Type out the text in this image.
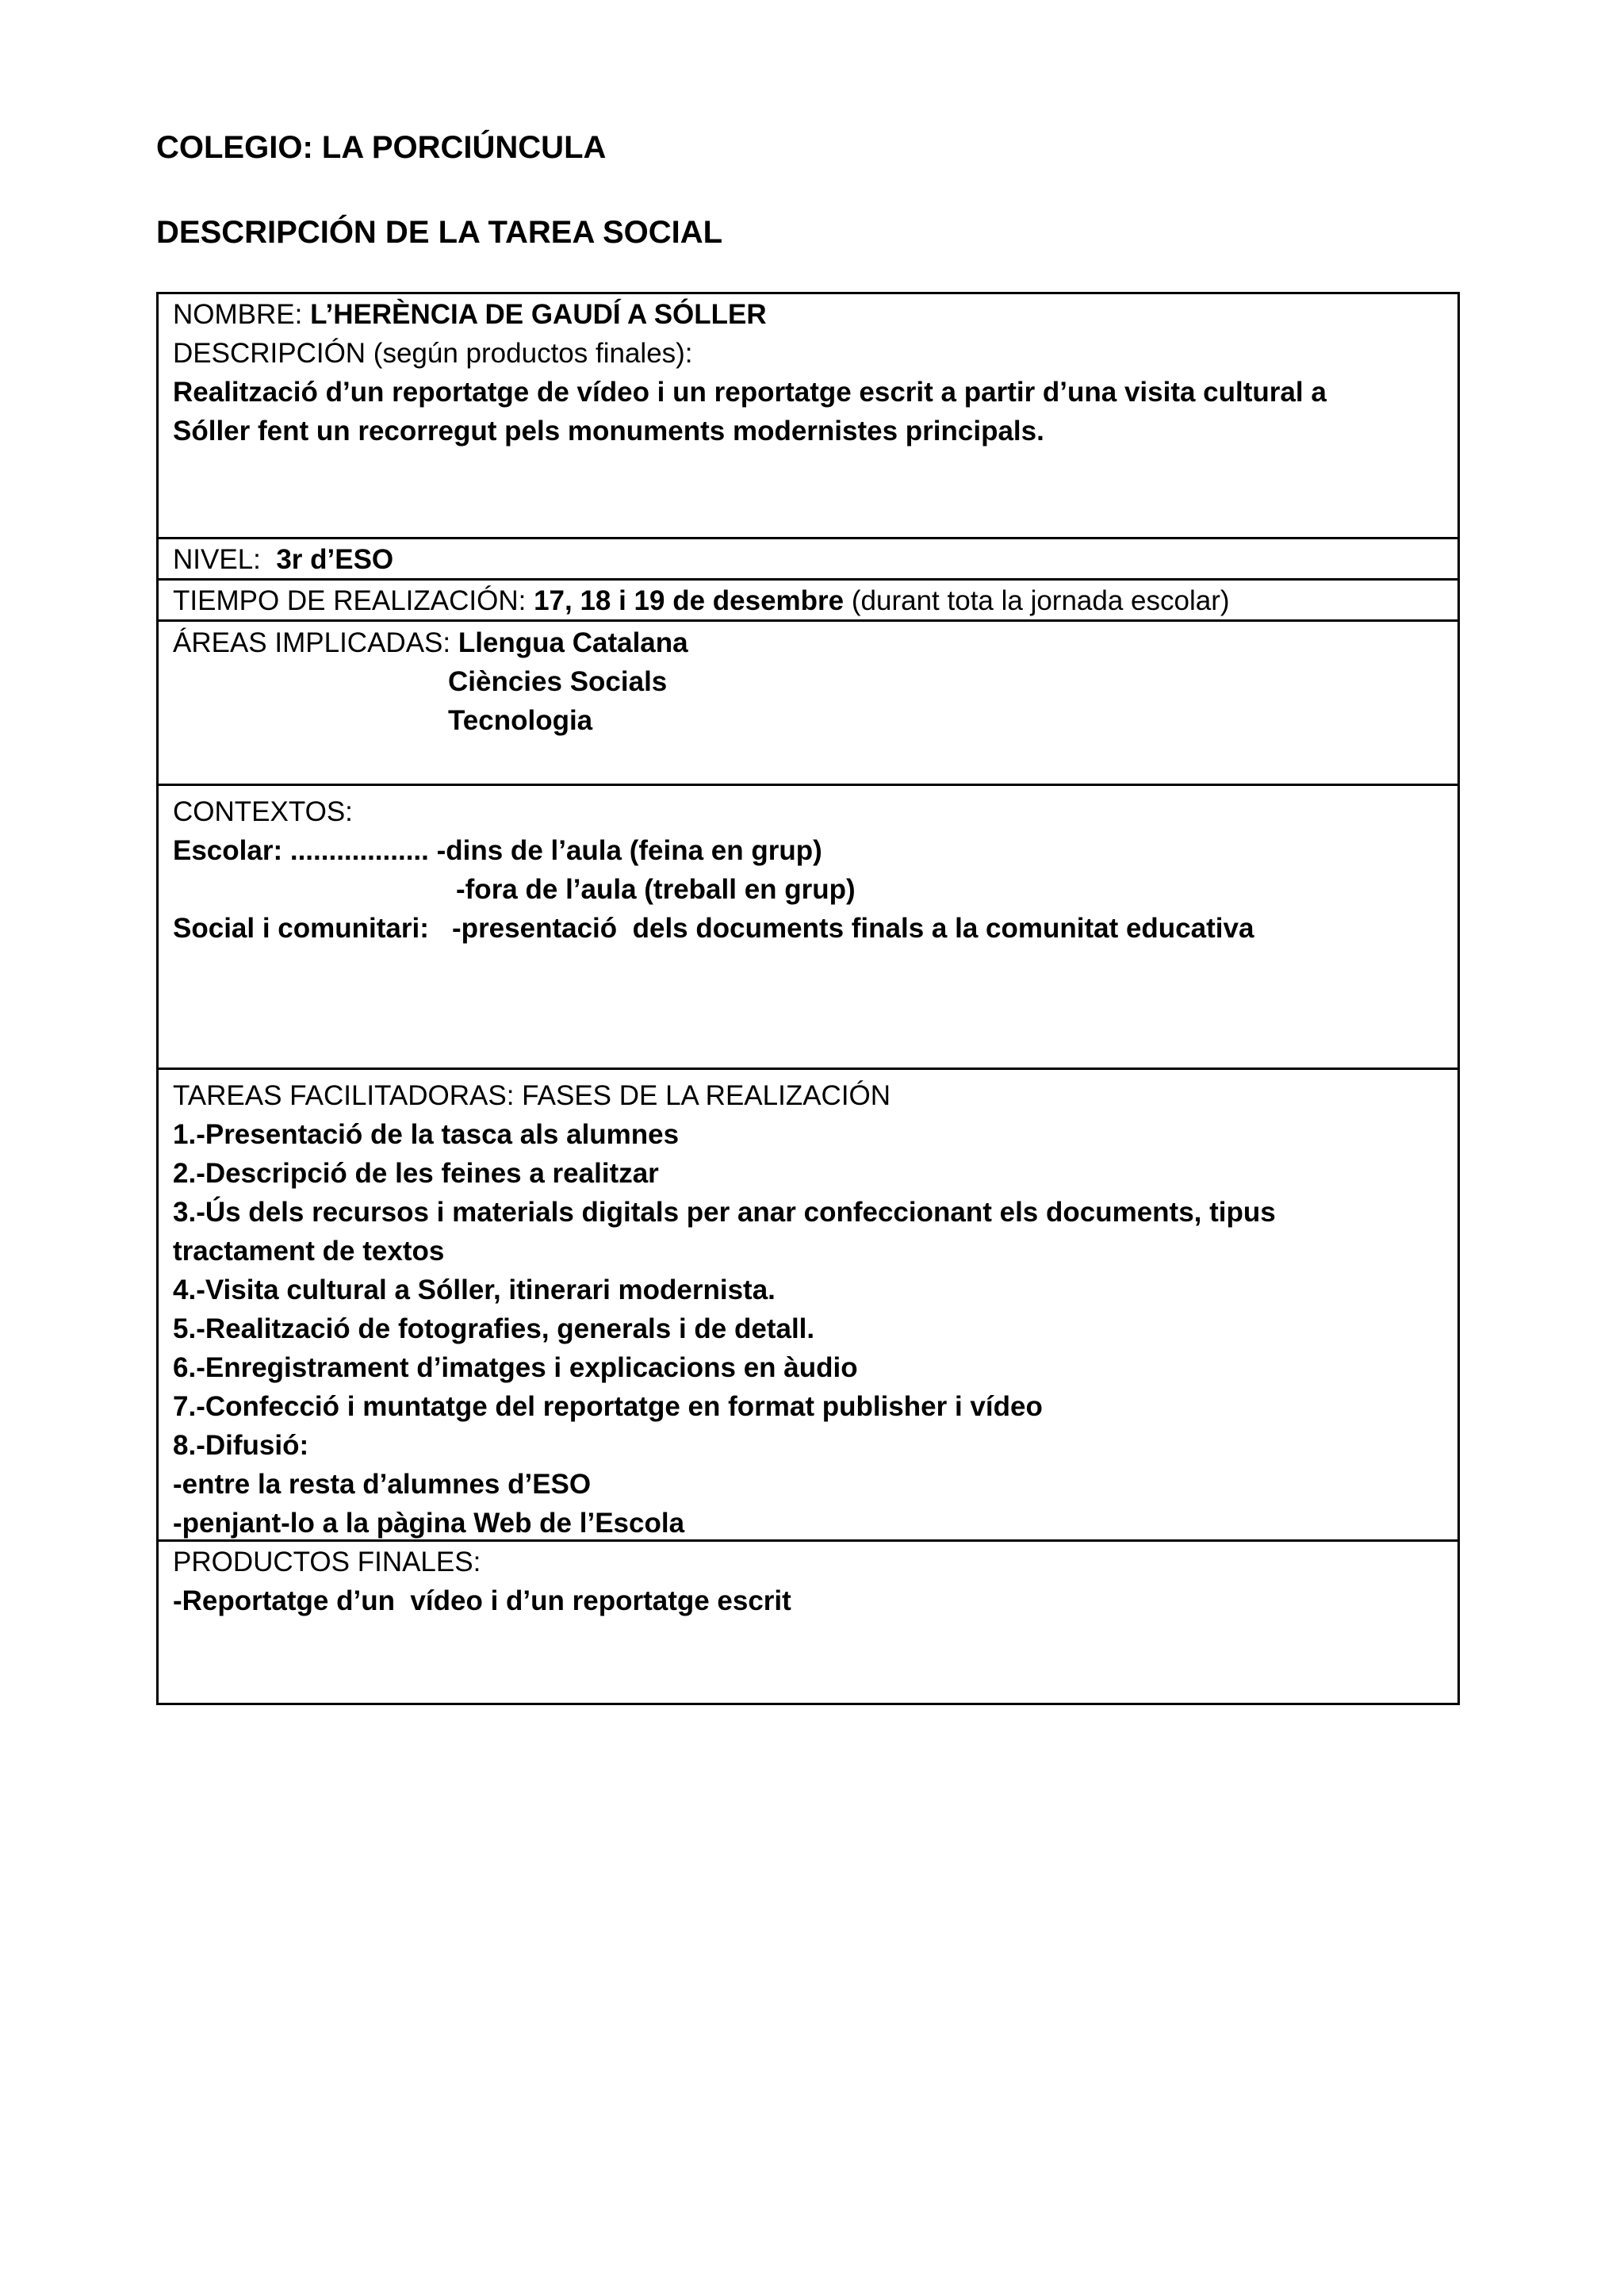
COLEGIO: LA PORCIÚNCULA
DESCRIPCIÓN DE LA TAREA SOCIAL
NOMBRE: L’HERÈNCIA DE GAUDÍ A SÓLLER
DESCRIPCIÓN (según productos finales):
Realització d’un reportatge de vídeo i un reportatge escrit a partir d’una visita cultural a
Sóller fent un recorregut pels monuments modernistes principals.
NIVEL:  3r d’ESO
TIEMPO DE REALIZACIÓN: 17, 18 i 19 de desembre (durant tota la jornada escolar)
ÁREAS IMPLICADAS: Llengua Catalana
Ciències Socials
Tecnologia
CONTEXTOS:
Escolar: .................. -dins de l’aula (feina en grup)
-fora de l’aula (treball en grup)
Social i comunitari:   -presentació  dels documents finals a la comunitat educativa
TAREAS FACILITADORAS: FASES DE LA REALIZACIÓN
1.-Presentació de la tasca als alumnes
2.-Descripció de les feines a realitzar
3.-Ús dels recursos i materials digitals per anar confeccionant els documents, tipus
tractament de textos
4.-Visita cultural a Sóller, itinerari modernista.
5.-Realització de fotografies, generals i de detall.
6.-Enregistrament d’imatges i explicacions en àudio
7.-Confecció i muntatge del reportatge en format publisher i vídeo
8.-Difusió:
-entre la resta d’alumnes d’ESO
-penjant-lo a la pàgina Web de l’Escola
PRODUCTOS FINALES:
-Reportatge d’un  vídeo i d’un reportatge escrit
